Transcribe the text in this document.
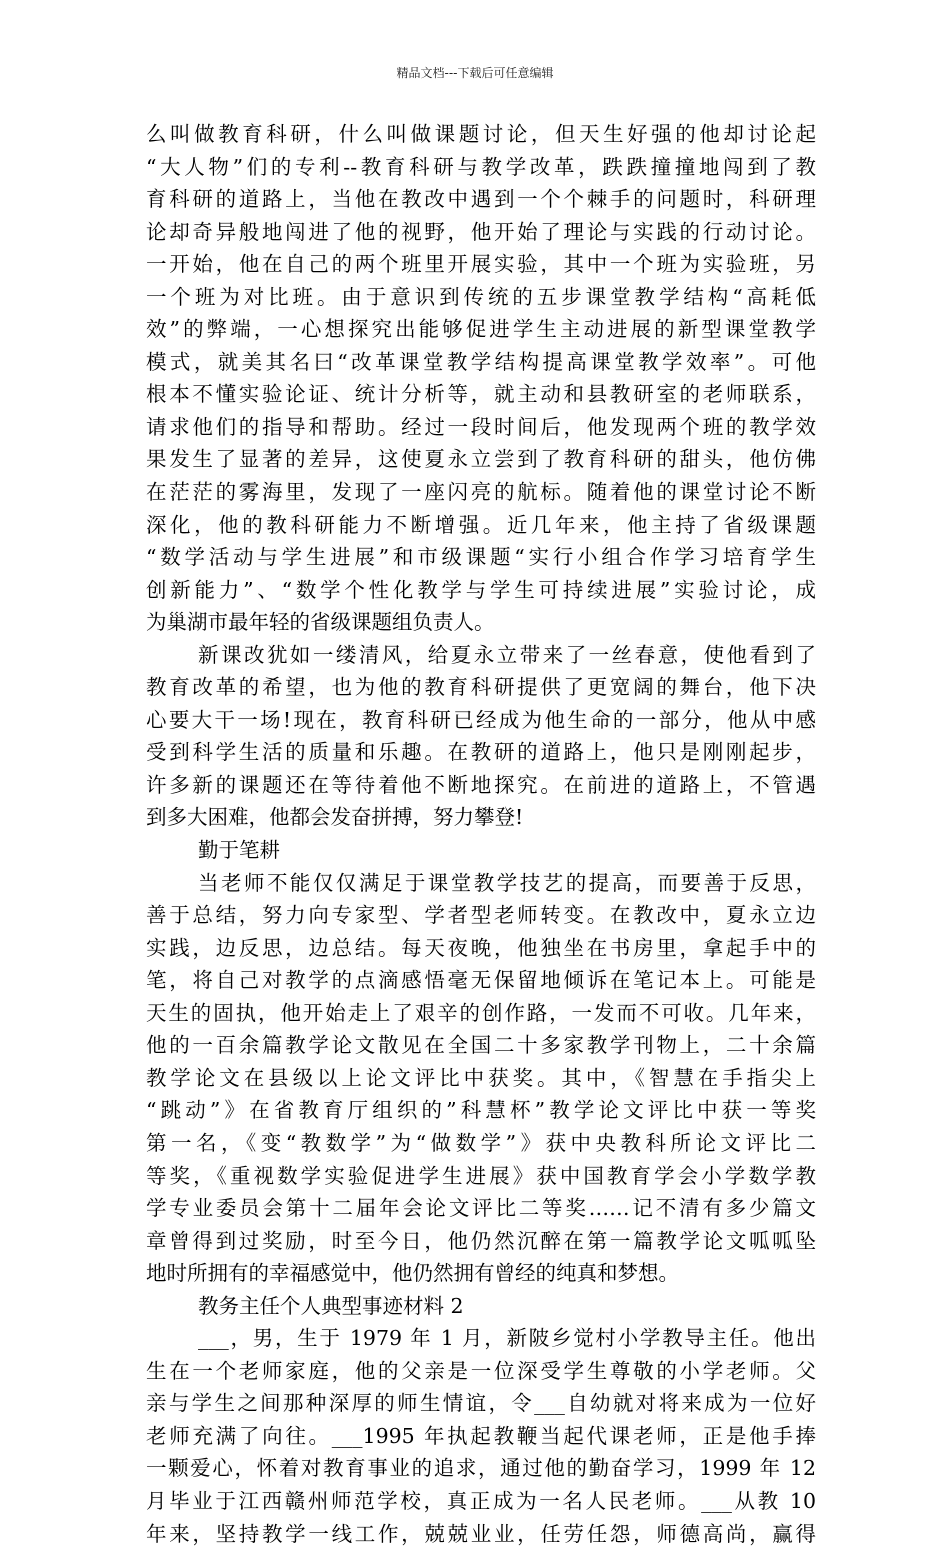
精品文档---下载后可任意编辑
么叫做教育科研，什么叫做课题讨论，但天生好强的他却讨论起
“大人物”们的专利--教育科研与教学改革，跌跌撞撞地闯到了教
育科研的道路上，当他在教改中遇到一个个棘手的问题时，科研理
论却奇异般地闯进了他的视野，他开始了理论与实践的行动讨论。
一开始，他在自己的两个班里开展实验，其中一个班为实验班，另
一个班为对比班。由于意识到传统的五步课堂教学结构“高耗低
效”的弊端，一心想探究出能够促进学生主动进展的新型课堂教学
模式，就美其名曰“改革课堂教学结构提高课堂教学效率”。可他
根本不懂实验论证、统计分析等，就主动和县教研室的老师联系，
请求他们的指导和帮助。经过一段时间后，他发现两个班的教学效
果发生了显著的差异，这使夏永立尝到了教育科研的甜头，他仿佛
在茫茫的雾海里，发现了一座闪亮的航标。随着他的课堂讨论不断
深化，他的教科研能力不断增强。近几年来，他主持了省级课题
“数学活动与学生进展”和市级课题“实行小组合作学习培育学生
创新能力”、“数学个性化教学与学生可持续进展”实验讨论，成
为巢湖市最年轻的省级课题组负责人。
新课改犹如一缕清风，给夏永立带来了一丝春意，使他看到了
教育改革的希望，也为他的教育科研提供了更宽阔的舞台，他下决
心要大干一场!现在，教育科研已经成为他生命的一部分，他从中感
受到科学生活的质量和乐趣。在教研的道路上，他只是刚刚起步，
许多新的课题还在等待着他不断地探究。在前进的道路上，不管遇
到多大困难，他都会发奋拼搏，努力攀登!
勤于笔耕
当老师不能仅仅满足于课堂教学技艺的提高，而要善于反思，
善于总结，努力向专家型、学者型老师转变。在教改中，夏永立边
实践，边反思，边总结。每天夜晚，他独坐在书房里，拿起手中的
笔，将自己对教学的点滴感悟毫无保留地倾诉在笔记本上。可能是
天生的固执，他开始走上了艰辛的创作路，一发而不可收。几年来，
他的一百余篇教学论文散见在全国二十多家教学刊物上，二十余篇
教学论文在县级以上论文评比中获奖。其中，《智慧在手指尖上
“跳动”》在省教育厅组织的”科慧杯”教学论文评比中获一等奖
第一名，《变“教数学”为“做数学”》获中央教科所论文评比二
等奖，《重视数学实验促进学生进展》获中国教育学会小学数学教
学专业委员会第十二届年会论文评比二等奖……记不清有多少篇文
章曾得到过奖励，时至今日，他仍然沉醉在第一篇教学论文呱呱坠
地时所拥有的幸福感觉中，他仍然拥有曾经的纯真和梦想。
教务主任个人典型事迹材料 2
___，男，生于 1979 年 1 月，新陂乡觉村小学教导主任。他出
生在一个老师家庭，他的父亲是一位深受学生尊敬的小学老师。父
亲与学生之间那种深厚的师生情谊，令___自幼就对将来成为一位好
老师充满了向往。___1995 年执起教鞭当起代课老师，正是他手捧
一颗爱心，怀着对教育事业的追求，通过他的勤奋学习，1999 年 12
月毕业于江西赣州师范学校，真正成为一名人民老师。___从教 10
年来，坚持教学一线工作，兢兢业业，任劳任怨，师德高尚，赢得
